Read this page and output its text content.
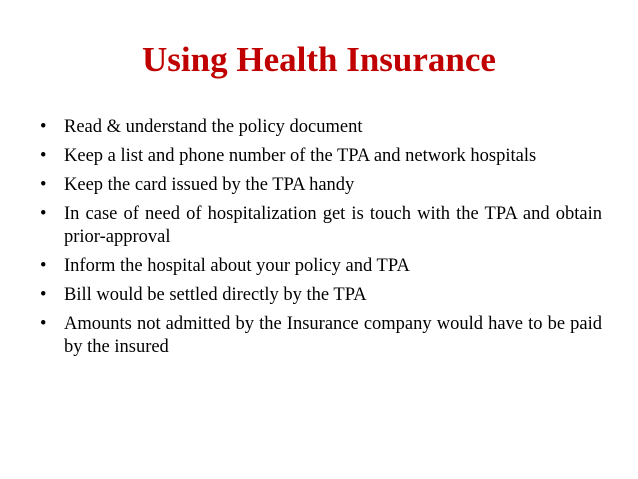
Using Health Insurance
• Read & understand the policy document
• Keep a list and phone number of the TPA and network hospitals
• Keep the card issued by the TPA handy
• In case of need of hospitalization get is touch with the TPA and obtain prior-approval
• Inform the hospital about your policy and TPA
• Bill would be settled directly by the TPA
• Amounts not admitted by the Insurance company would have to be paid by the insured
